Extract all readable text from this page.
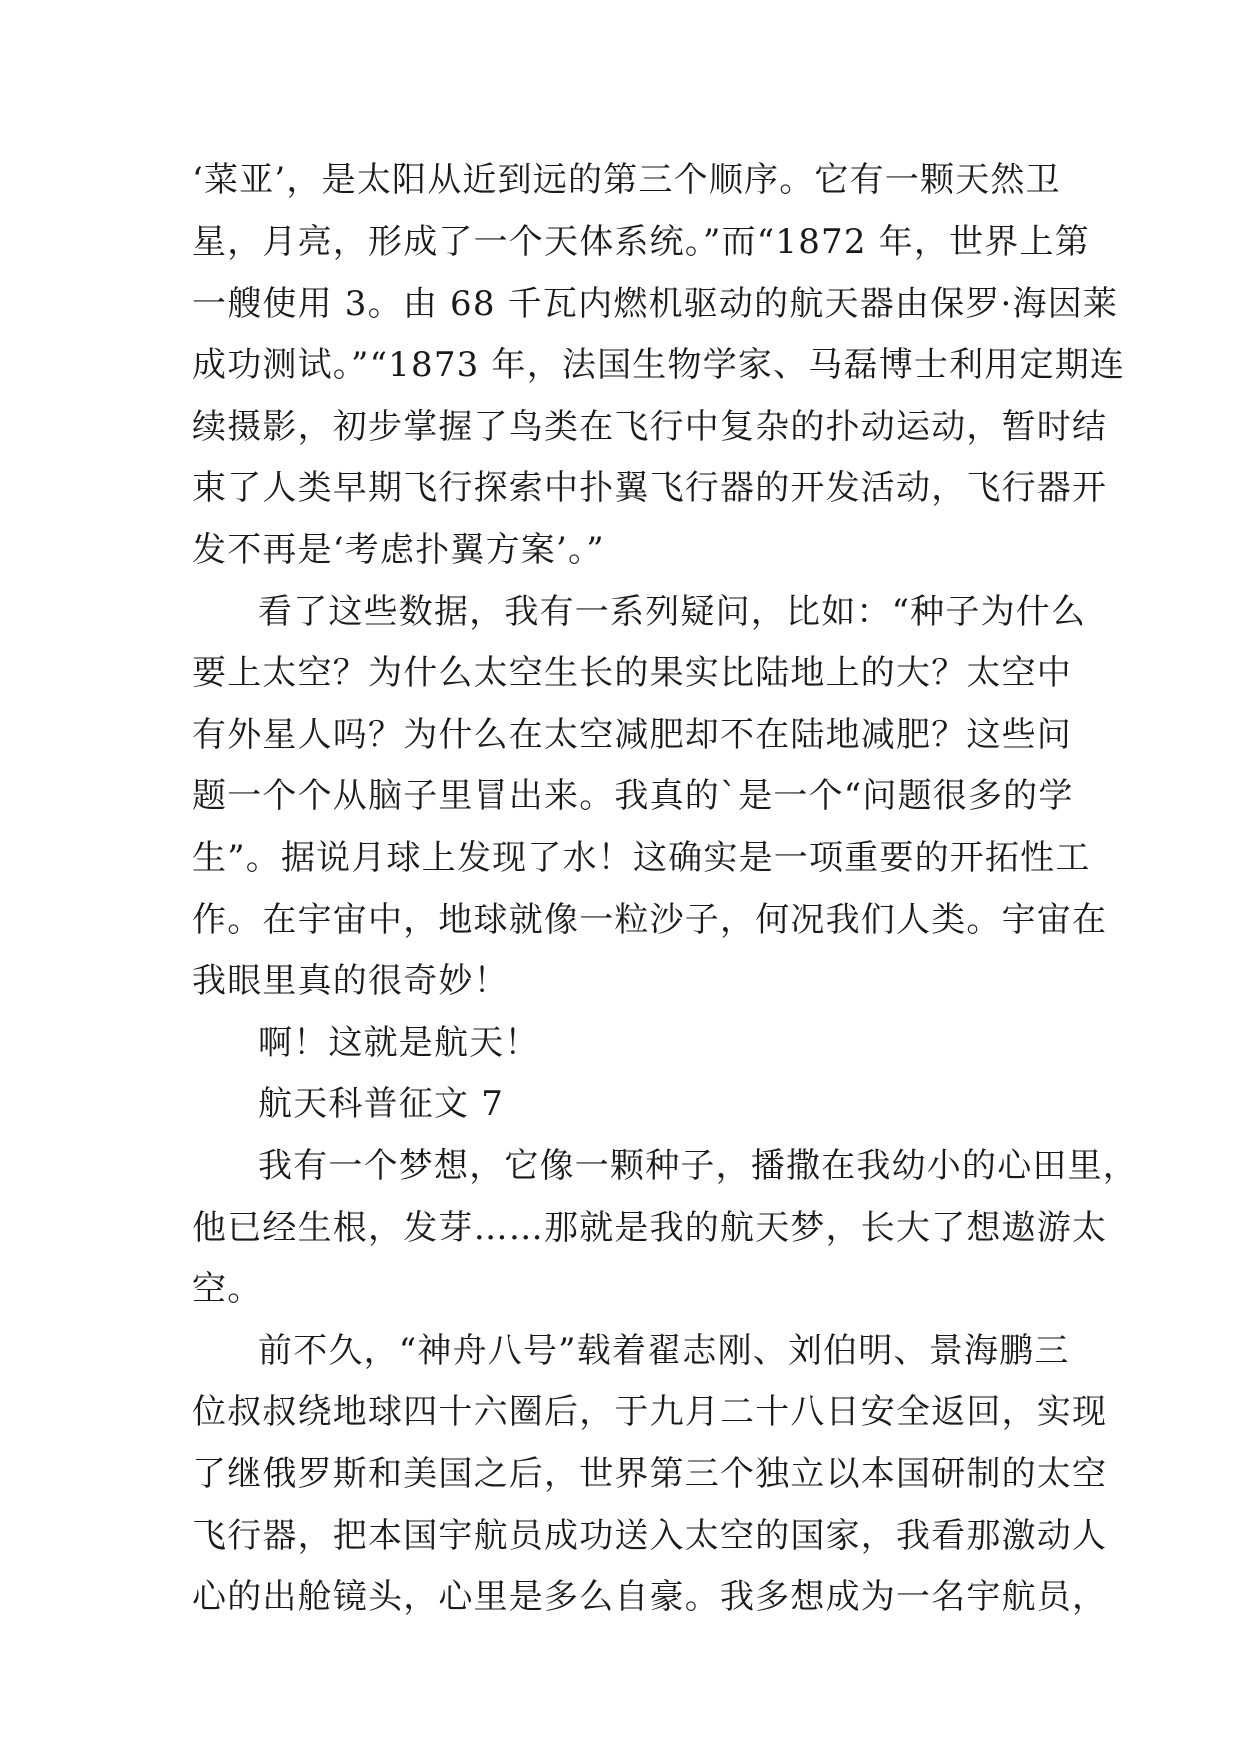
‘菜亚’，是太阳从近到远的第三个顺序。它有一颗天然卫
星，月亮，形成了一个天体系统。”而“1872 年，世界上第
一艘使用 3。由 68 千瓦内燃机驱动的航天器由保罗·海因莱
成功测试。”“1873 年，法国生物学家、马磊博士利用定期连
续摄影，初步掌握了鸟类在飞行中复杂的扑动运动，暂时结
束了人类早期飞行探索中扑翼飞行器的开发活动，飞行器开
发不再是‘考虑扑翼方案’。”
看了这些数据，我有一系列疑问，比如：“种子为什么
要上太空？为什么太空生长的果实比陆地上的大？太空中
有外星人吗？为什么在太空减肥却不在陆地减肥？这些问
题一个个从脑子里冒出来。我真的`是一个“问题很多的学
生”。据说月球上发现了水！这确实是一项重要的开拓性工
作。在宇宙中，地球就像一粒沙子，何况我们人类。宇宙在
我眼里真的很奇妙！
啊！这就是航天！
航天科普征文 7
我有一个梦想，它像一颗种子，播撒在我幼小的心田里，
他已经生根，发芽……那就是我的航天梦，长大了想遨游太
空。
前不久，“神舟八号”载着翟志刚、刘伯明、景海鹏三
位叔叔绕地球四十六圈后，于九月二十八日安全返回，实现
了继俄罗斯和美国之后，世界第三个独立以本国研制的太空
飞行器，把本国宇航员成功送入太空的国家，我看那激动人
心的出舱镜头，心里是多么自豪。我多想成为一名宇航员，
